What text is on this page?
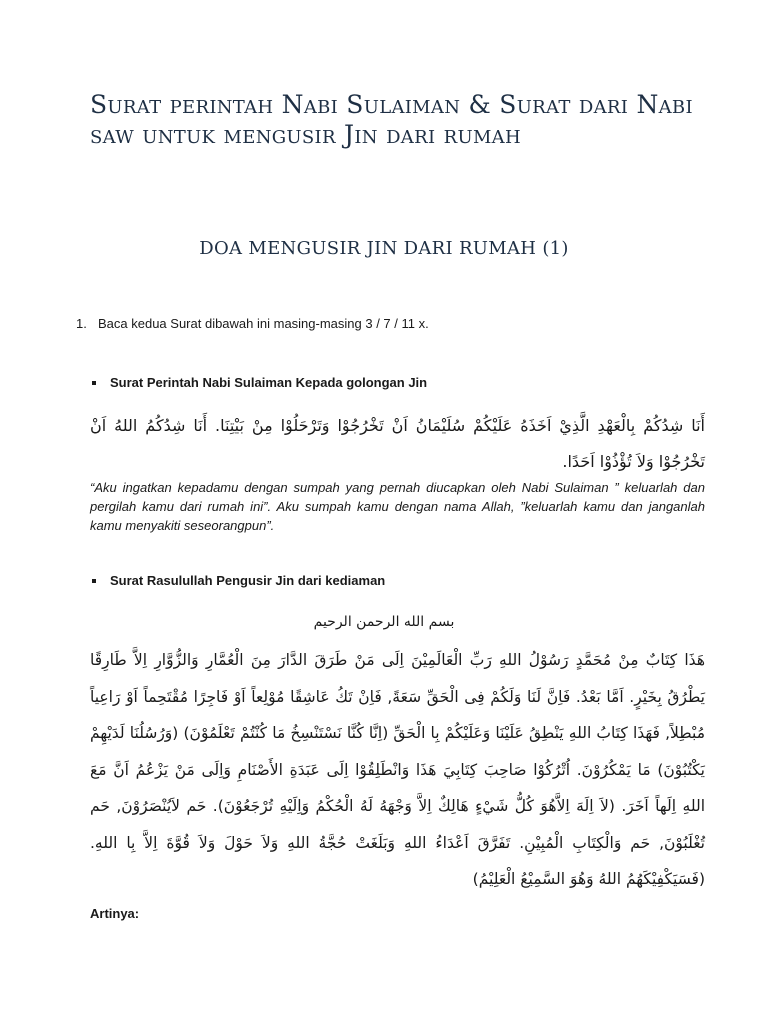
Surat perintah Nabi Sulaiman & Surat dari Nabi saw untuk mengusir Jin dari rumah
DOA MENGUSIR JIN DARI RUMAH (1)
1. Baca kedua Surat dibawah ini masing-masing 3 / 7 / 11 x.
Surat Perintah Nabi Sulaiman Kepada golongan Jin
أَنَا شِدُكُمْ بِالْعَهْدِ الَّذِيْ اَخَذَهُ عَلَيْكُمْ سُلَيْمَانُ اَنْ تَخْرُجُوْا وَتَرْحَلُوْا مِنْ بَيْتِنَا. أَنَا شِدُكُمُ اللهُ اَنْ تَخْرُجُوْا وَلاَ تُؤْذُوْا اَحَدًا.
“Aku ingatkan kepadamu dengan sumpah yang pernah diucapkan oleh Nabi Sulaiman ” keluarlah dan pergilah kamu dari rumah ini”. Aku sumpah kamu dengan nama Allah, ”keluarlah kamu dan janganlah kamu menyakiti seseorangpun”.
Surat Rasulullah Pengusir Jin dari kediaman
بسم الله الرحمن الرحيم
هَذَا كِتَابٌ مِنْ مُحَمَّدٍ رَسُوْلُ اللهِ رَبِّ الْعَالَمِيْنَ اِلَى مَنْ طَرَقَ الدَّارَ مِنَ الْعُمَّارِ وَالزُّوَّارِ اِلاَّ طَارِقًا يَطْرُقُ بِخَيْرٍ. اَمَّا بَعْدُ. فَاِنَّ لَنَا وَلَكُمْ فِى الْحَقِّ سَعَةً, فَاِنْ تَكُ عَاشِقًا مُوْلِعاً اَوْ فَاجِرًا مُقْتَحِماً اَوْ رَاعِياً مُبْطِلاً, فَهَذَا كِتَابُ اللهِ يَنْطِقُ عَلَيْنَا وَعَلَيْكُمْ بِا الْحَقِّ (اِنَّا كُنَّا نَسْتَنْسِخُ مَا كُنْتُمْ تَعْلَمُوْنَ) (وَرُسُلُنَا لَدَيْهِمْ يَكْتُبُوْنَ) مَا يَمْكُرُوْنَ. اُتْرُكُوْا صَاحِبَ كِتَابِيَ هَذَا وَانْطَلِقُوْا اِلَى عَبَدَةِ الأَصْنَامِ وَاِلَى مَنْ يَزْعُمُ اَنَّ مَعَ اللهِ اِلَهاً اَخَرَ. (لاَ اِلَهَ اِلاَّهُوَ كُلُّ شَيْءٍ هَالِكٌ اِلاَّ وَجْهَهُ لَهُ الْحُكْمُ وَاِلَيْهِ تُرْجَعُوْنَ). حَم لاَيُنْصَرُوْنَ, حَم تُغْلَبُوْنَ, حَم وَالْكِتَابِ الْمُبِيْنِ. تَفَرَّقَ اَعْدَاءُ اللهِ وَبَلَغَتْ حُجَّةُ اللهِ وَلاَ حَوْلَ وَلاَ قُوَّةَ اِلاَّ بِا اللهِ. (فَسَيَكْفِيْكَهُمُ اللهُ وَهُوَ السَّمِيْعُ الْعَلِيْمُ)
Artinya:
